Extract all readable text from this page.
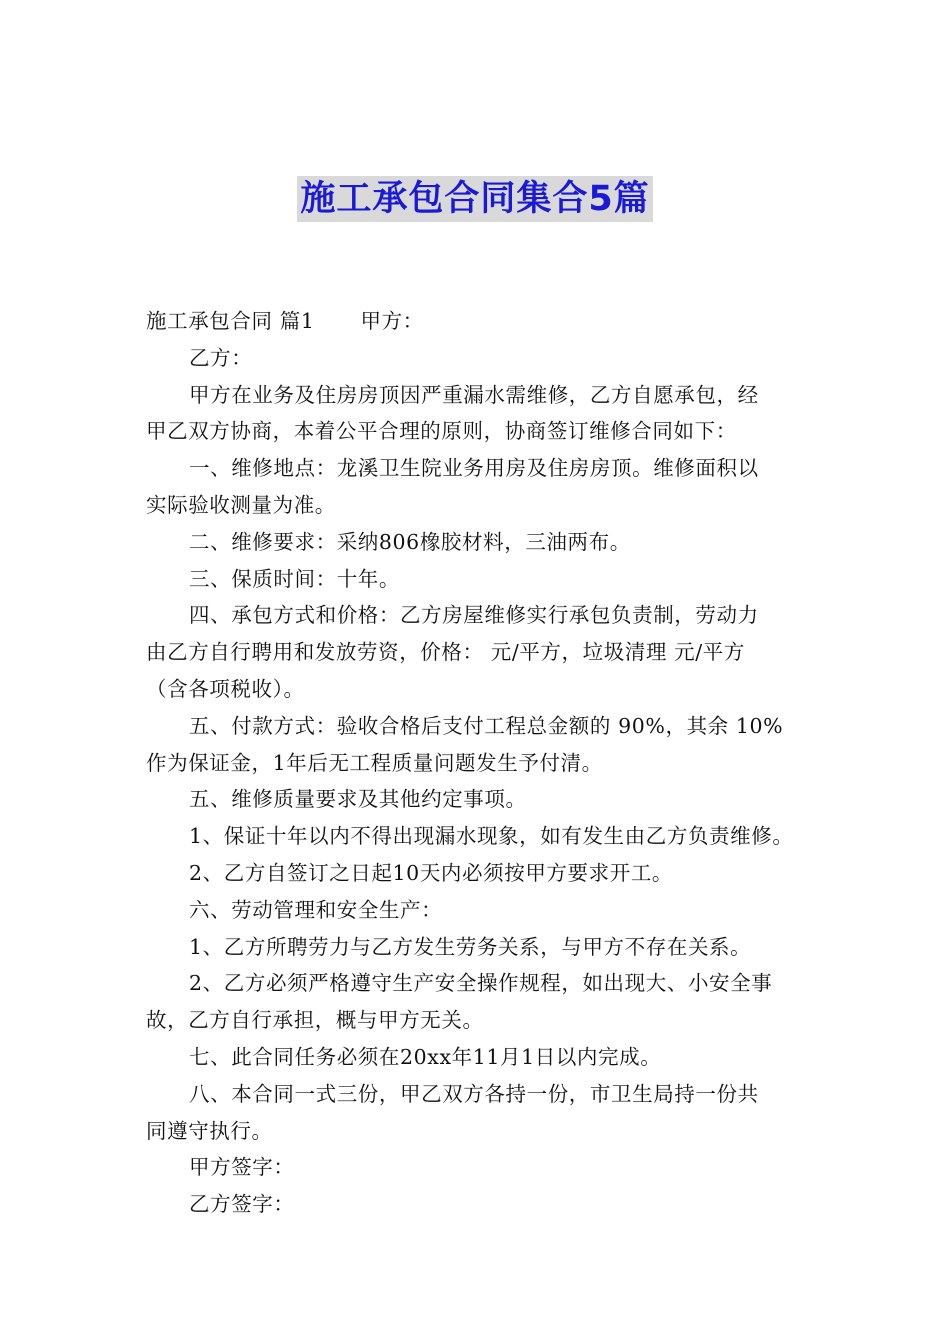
施工承包合同集合5篇

施工承包合同 篇1 甲方：

乙方：

甲方在业务及住房房顶因严重漏水需维修，乙方自愿承包，经
甲乙双方协商，本着公平合理的原则，协商签订维修合同如下：

一、维修地点：龙溪卫生院业务用房及住房房顶。维修面积以
实际验收测量为准。

二、维修要求：采纳806橡胶材料，三油两布。

三、保质时间：十年。

四、承包方式和价格：乙方房屋维修实行承包负责制，劳动力
由乙方自行聘用和发放劳资，价格： 元/平方，垃圾清理 元/平方
（含各项税收）。

五、付款方式：验收合格后支付工程总金额的 90%，其余 10%
作为保证金，1年后无工程质量问题发生予付清。

五、维修质量要求及其他约定事项。

1、保证十年以内不得出现漏水现象，如有发生由乙方负责维修。

2、乙方自签订之日起10天内必须按甲方要求开工。

六、劳动管理和安全生产：

1、乙方所聘劳力与乙方发生劳务关系，与甲方不存在关系。

2、乙方必须严格遵守生产安全操作规程，如出现大、小安全事
故，乙方自行承担，概与甲方无关。

七、此合同任务必须在20xx年11月1日以内完成。

八、本合同一式三份，甲乙双方各持一份，市卫生局持一份共
同遵守执行。

甲方签字：

乙方签字：
